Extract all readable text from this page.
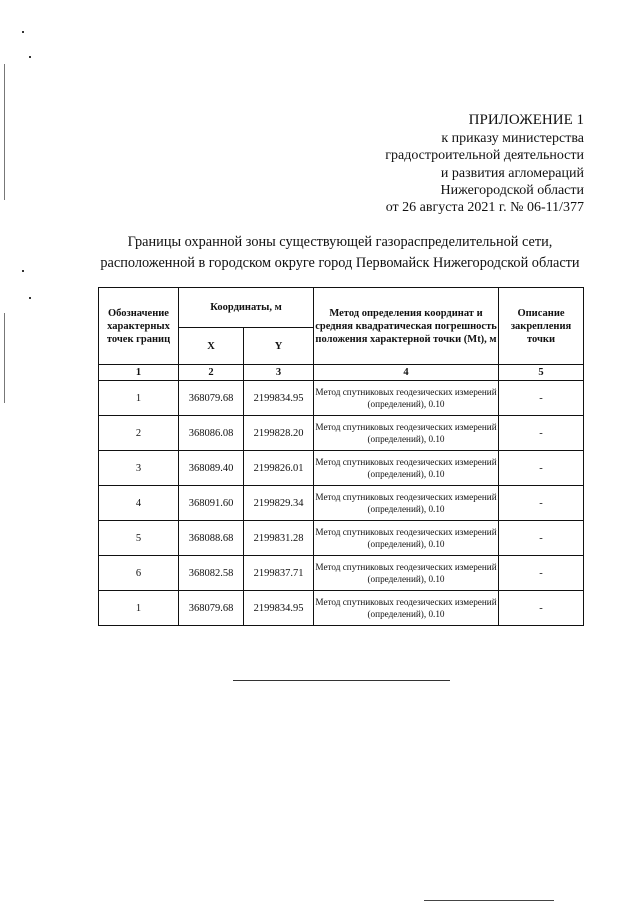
ПРИЛОЖЕНИЕ 1
к приказу министерства
градостроительной деятельности
и развития агломераций
Нижегородской области
от 26 августа 2021 г. № 06-11/377
Границы охранной зоны существующей газораспределительной сети,
расположенной в городском округе город Первомайск Нижегородской области
Обозначение характерных точек границ	Координаты, м		Метод определения координат и средняя квадратическая погрешность положения характерной точки (Mt), м	Описание закрепления точки
	X	Y		
1	2	3	4	5
1	368079.68	2199834.95	Метод спутниковых геодезических измерений (определений), 0.10	-
2	368086.08	2199828.20	Метод спутниковых геодезических измерений (определений), 0.10	-
3	368089.40	2199826.01	Метод спутниковых геодезических измерений (определений), 0.10	-
4	368091.60	2199829.34	Метод спутниковых геодезических измерений (определений), 0.10	-
5	368088.68	2199831.28	Метод спутниковых геодезических измерений (определений), 0.10	-
6	368082.58	2199837.71	Метод спутниковых геодезических измерений (определений), 0.10	-
1	368079.68	2199834.95	Метод спутниковых геодезических измерений (определений), 0.10	-
